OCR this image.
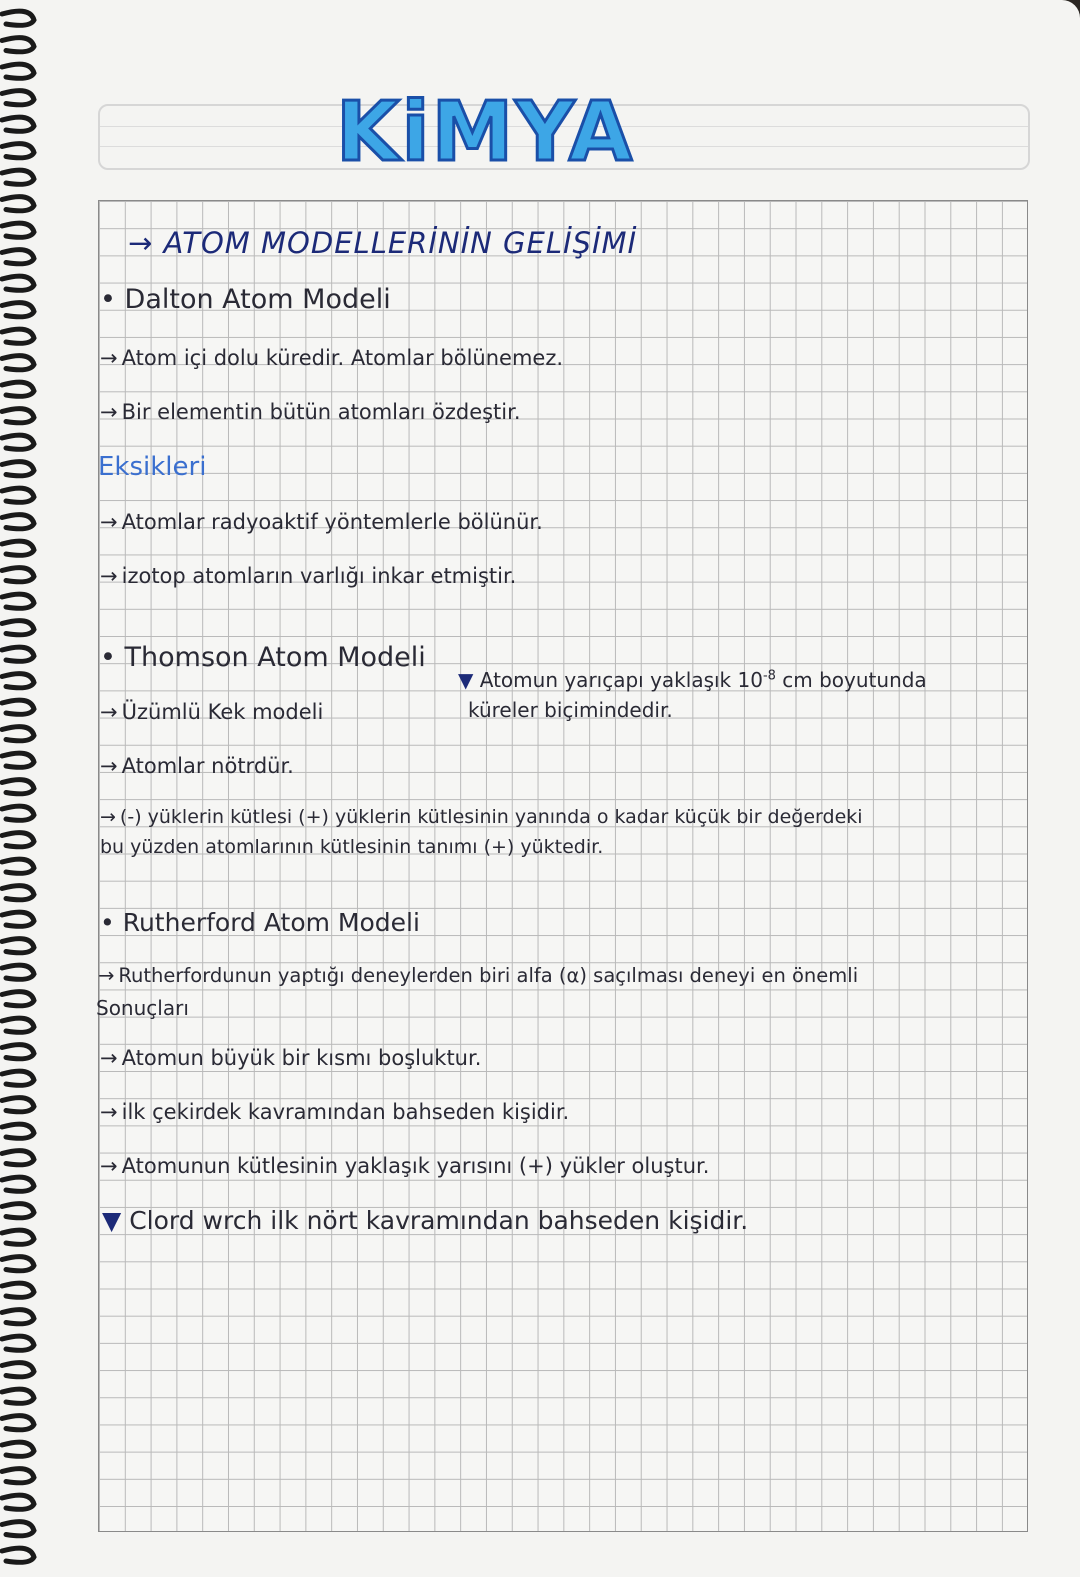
KiMYA
→ ATOM MODELLERİNİN GELİŞİMİ
• Dalton Atom Modeli
→ Atom içi dolu küredir. Atomlar bölünemez.
→ Bir elementin bütün atomları özdeştir.
Eksikleri
→ Atomlar radyoaktif yöntemlerle bölünür.
→ izotop atomların varlığı inkar etmiştir.
• Thomson Atom Modeli
▼ Atomun yarıçapı yaklaşık $10^{-8}$ cm boyutunda
küreler biçimindedir.
→ Üzümlü Kek modeli
→ Atomlar nötrdür.
→ (-) yüklerin kütlesi (+) yüklerin kütlesinin yanında o kadar küçük bir değerdeki
bu yüzden atomlarının kütlesinin tanımı (+) yüktedir.
• Rutherford Atom Modeli
→ Rutherfordunun yaptığı deneylerden biri alfa (α) saçılması deneyi en önemli
Sonuçları
→ Atomun büyük bir kısmı boşluktur.
→ ilk çekirdek kavramından bahseden kişidir.
→ Atomunun kütlesinin yaklaşık yarısını (+) yükler oluştur.
▼ Clord wrch ilk nört kavramından bahseden kişidir.
